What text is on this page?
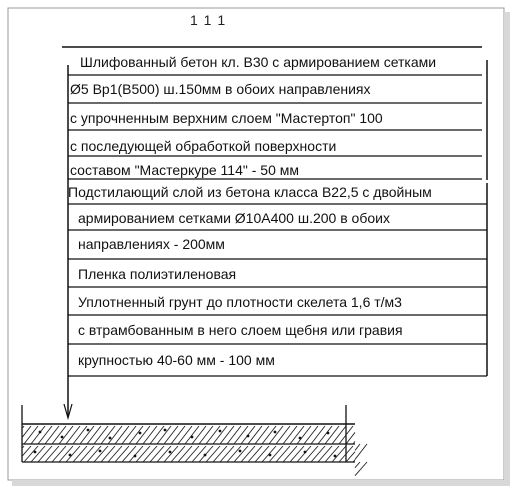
1 1 1
Шлифованный бетон кл. В30 с армированием сетками
Ø5 Вр1(В500) ш.150мм в обоих направлениях
с упрочненным верхним слоем "Мастертоп" 100
с последующей обработкой поверхности
составом "Мастеркуре 114" - 50 мм
Подстилающий слой из бетона класса В22,5 с двойным
армированием сетками Ø10А400 ш.200 в обоих
направлениях - 200мм
Пленка полиэтиленовая
Уплотненный грунт до плотности скелета 1,6 т/м3
с втрамбованным в него слоем щебня или гравия
крупностью 40-60 мм - 100 мм
